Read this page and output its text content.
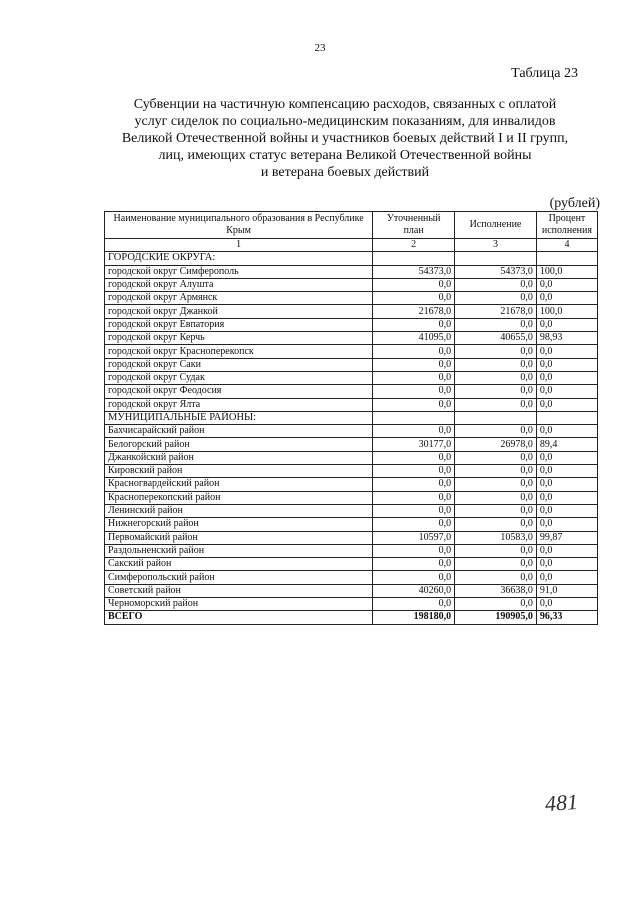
23
Таблица 23
Субвенции на частичную компенсацию расходов, связанных с оплатой
услуг сиделок по социально-медицинским показаниям, для инвалидов
Великой Отечественной войны и участников боевых действий I и II групп,
лиц, имеющих статус ветерана Великой Отечественной войны
и ветерана боевых действий
(рублей)
Наименование муниципального образования в Республике Крым	Уточненный план	Исполнение	Процент исполнения
1	2	3	4
ГОРОДСКИЕ ОКРУГА:			
городской округ Симферополь	54373,0	54373,0	100,0
городской округ Алушта	0,0	0,0	0,0
городской округ Армянск	0,0	0,0	0,0
городской округ Джанкой	21678,0	21678,0	100,0
городской округ Евпатория	0,0	0,0	0,0
городской округ Керчь	41095,0	40655,0	98,93
городской округ Красноперекопск	0,0	0,0	0,0
городской округ Саки	0,0	0,0	0,0
городской округ Судак	0,0	0,0	0,0
городской округ Феодосия	0,0	0,0	0,0
городской округ Ялта	0,0	0,0	0,0
МУНИЦИПАЛЬНЫЕ РАЙОНЫ:			
Бахчисарайский район	0,0	0,0	0,0
Белогорский район	30177,0	26978,0	89,4
Джанкойский район	0,0	0,0	0,0
Кировский район	0,0	0,0	0,0
Красногвардейский район	0,0	0,0	0,0
Красноперекопский район	0,0	0,0	0,0
Ленинский район	0,0	0,0	0,0
Нижнегорский район	0,0	0,0	0,0
Первомайский район	10597,0	10583,0	99,87
Раздольненский район	0,0	0,0	0,0
Сакский район	0,0	0,0	0,0
Симферопольский район	0,0	0,0	0,0
Советский район	40260,0	36638,0	91,0
Черноморский район	0,0	0,0	0,0
ВСЕГО	198180,0	190905,0	96,33
481
